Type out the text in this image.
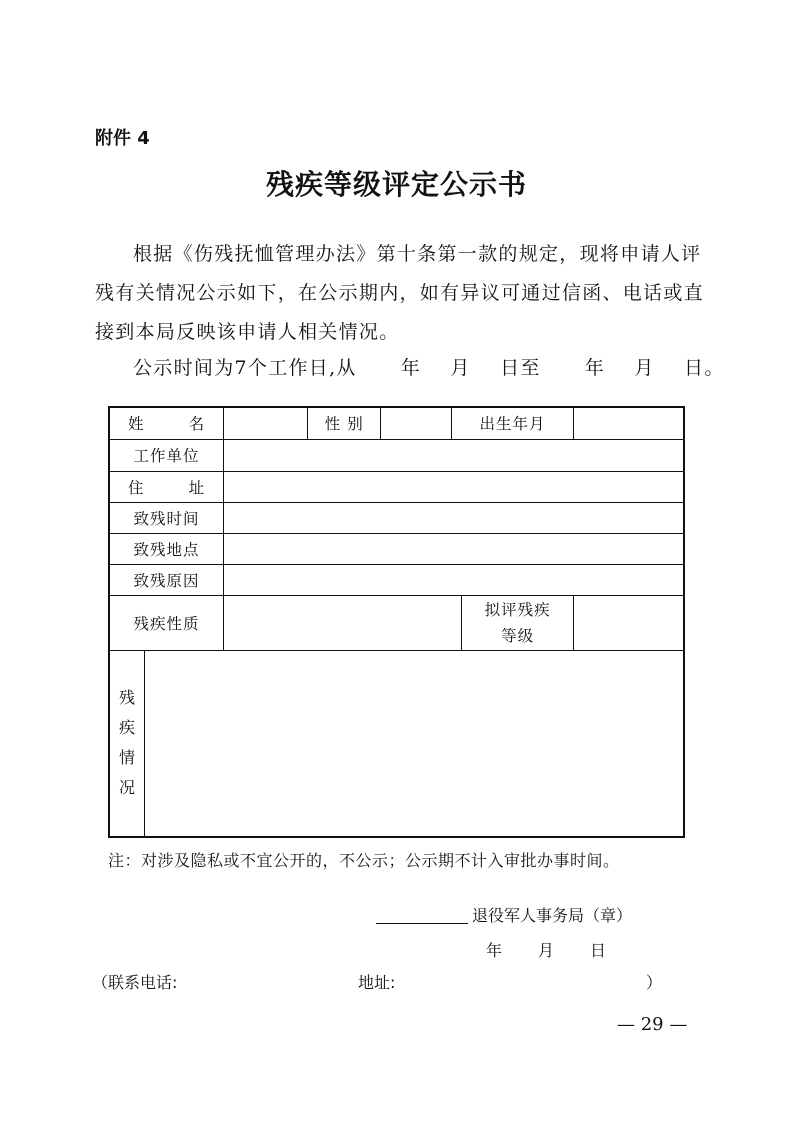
附件 4
残疾等级评定公示书
根据《伤残抚恤管理办法》第十条第一款的规定，现将申请人评残有关情况公示如下，在公示期内，如有异议可通过信函、电话或直接到本局反映该申请人相关情况。
公示时间为7个工作日,从      年    月    日至      年    月    日。
姓　名			性 别		出生年月		
工作单位							
住　址							
致残时间							
致残地点							
致残原因							
残疾性质						拟评残疾
等级	

残疾情况							

注：对涉及隐私或不宜公开的，不公示；公示期不计入审批办事时间。
退役军人事务局（章）
年 月 日
（联系电话:	地址:	）
— 29 —
